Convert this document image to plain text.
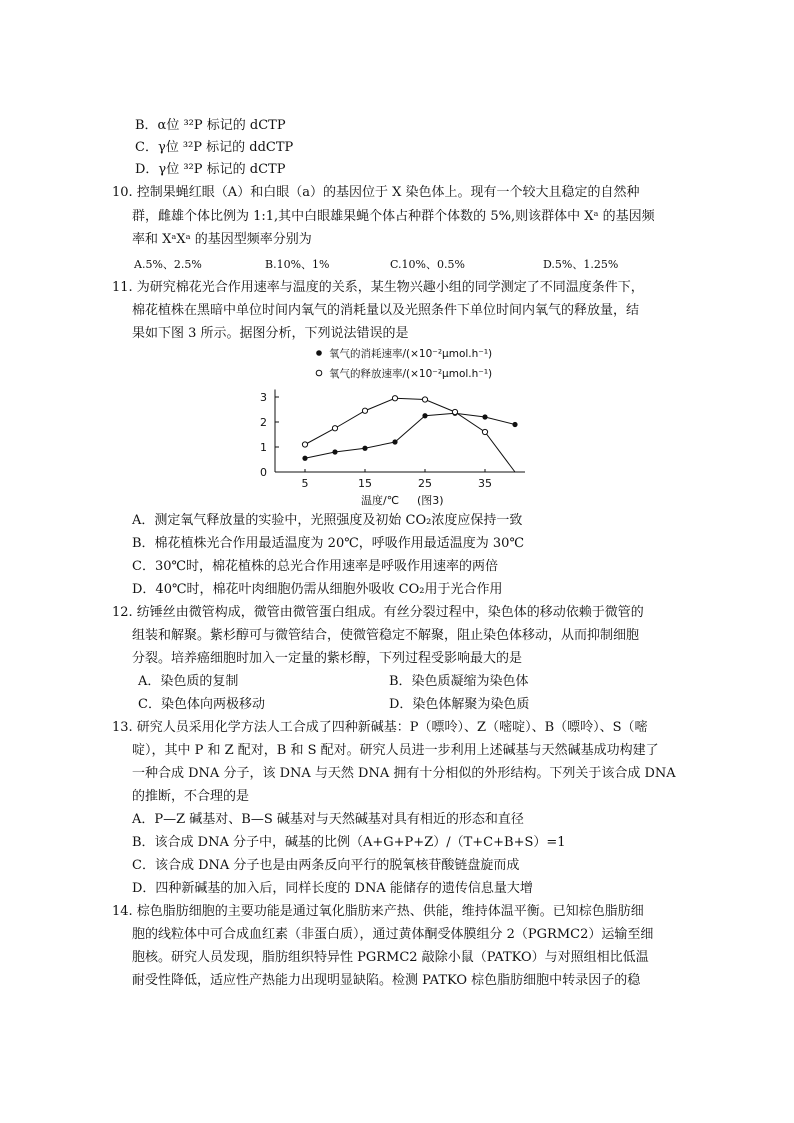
B．α位 ³²P 标记的 dCTP
C．γ位 ³²P 标记的 ddCTP
D．γ位 ³²P 标记的 dCTP
10. 控制果蝇红眼（A）和白眼（a）的基因位于 X 染色体上。现有一个较大且稳定的自然种
群，雌雄个体比例为 1:1,其中白眼雄果蝇个体占种群个体数的 5%,则该群体中 Xᵃ 的基因频
率和 XᵃXᵃ 的基因型频率分别为
A.5%、2.5%	B.10%、1%	C.10%、0.5%	D.5%、1.25%
11. 为研究棉花光合作用速率与温度的关系，某生物兴趣小组的同学测定了不同温度条件下，
棉花植株在黑暗中单位时间内氧气的消耗量以及光照条件下单位时间内氧气的释放量，结
果如下图 3 所示。据图分析，下列说法错误的是
0
1
2
3
5	15	25	35
温度/℃ (图3)
氧气的消耗速率/(×10⁻²μmol.h⁻¹)
氧气的释放速率/(×10⁻²μmol.h⁻¹)
A．测定氧气释放量的实验中，光照强度及初始 CO₂浓度应保持一致
B．棉花植株光合作用最适温度为 20℃，呼吸作用最适温度为 30℃
C．30℃时，棉花植株的总光合作用速率是呼吸作用速率的两倍
D．40℃时，棉花叶肉细胞仍需从细胞外吸收 CO₂用于光合作用
12. 纺锤丝由微管构成，微管由微管蛋白组成。有丝分裂过程中，染色体的移动依赖于微管的
组装和解聚。紫杉醇可与微管结合，使微管稳定不解聚，阻止染色体移动，从而抑制细胞
分裂。培养癌细胞时加入一定量的紫杉醇，下列过程受影响最大的是
A．染色质的复制	B．染色质凝缩为染色体
C．染色体向两极移动	D．染色体解聚为染色质
13. 研究人员采用化学方法人工合成了四种新碱基：P（嘌呤）、Z（嘧啶）、B（嘌呤）、S（嘧
啶），其中 P 和 Z 配对，B 和 S 配对。研究人员进一步利用上述碱基与天然碱基成功构建了
一种合成 DNA 分子，该 DNA 与天然 DNA 拥有十分相似的外形结构。下列关于该合成 DNA
的推断，不合理的是
A．P—Z 碱基对、B—S 碱基对与天然碱基对具有相近的形态和直径
B．该合成 DNA 分子中，碱基的比例（A+G+P+Z）/（T+C+B+S）=1
C．该合成 DNA 分子也是由两条反向平行的脱氧核苷酸链盘旋而成
D．四种新碱基的加入后，同样长度的 DNA 能储存的遗传信息量大增
14. 棕色脂肪细胞的主要功能是通过氧化脂肪来产热、供能，维持体温平衡。已知棕色脂肪细
胞的线粒体中可合成血红素（非蛋白质），通过黄体酮受体膜组分 2（PGRMC2）运输至细
胞核。研究人员发现，脂肪组织特异性 PGRMC2 敲除小鼠（PATKO）与对照组相比低温
耐受性降低，适应性产热能力出现明显缺陷。检测 PATKO 棕色脂肪细胞中转录因子的稳
